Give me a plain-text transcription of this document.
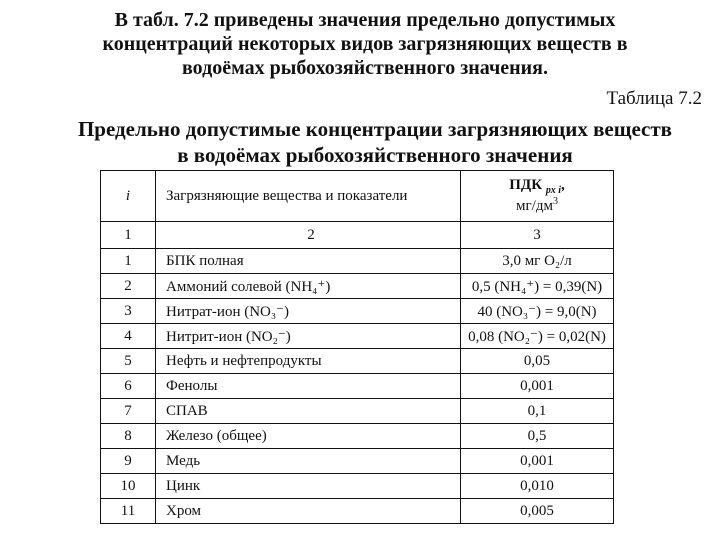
В табл. 7.2 приведены значения предельно допустимых
концентраций некоторых видов загрязняющих веществ в
водоёмах рыбохозяйственного значения.
Таблица 7.2
Предельно допустимые концентрации загрязняющих веществ
в водоёмах рыбохозяйственного значения
i	Загрязняющие вещества и показатели	ПДК $_{рх i}$,
$мг/дм^3$
1	2	3
1	БПК полная	3,0 мг О₂/л
2	Аммоний солевой (NH₄⁺)	0,5 (NH₄⁺) = 0,39(N)
3	Нитрат-ион (NO₃⁻)	40 (NO₃⁻) = 9,0(N)
4	Нитрит-ион (NO₂⁻)	0,08 (NO₂⁻) = 0,02(N)
5	Нефть и нефтепродукты	0,05
6	Фенолы	0,001
7	СПАВ	0,1
8	Железо (общее)	0,5
9	Медь	0,001
10	Цинк	0,010
11	Хром	0,005
